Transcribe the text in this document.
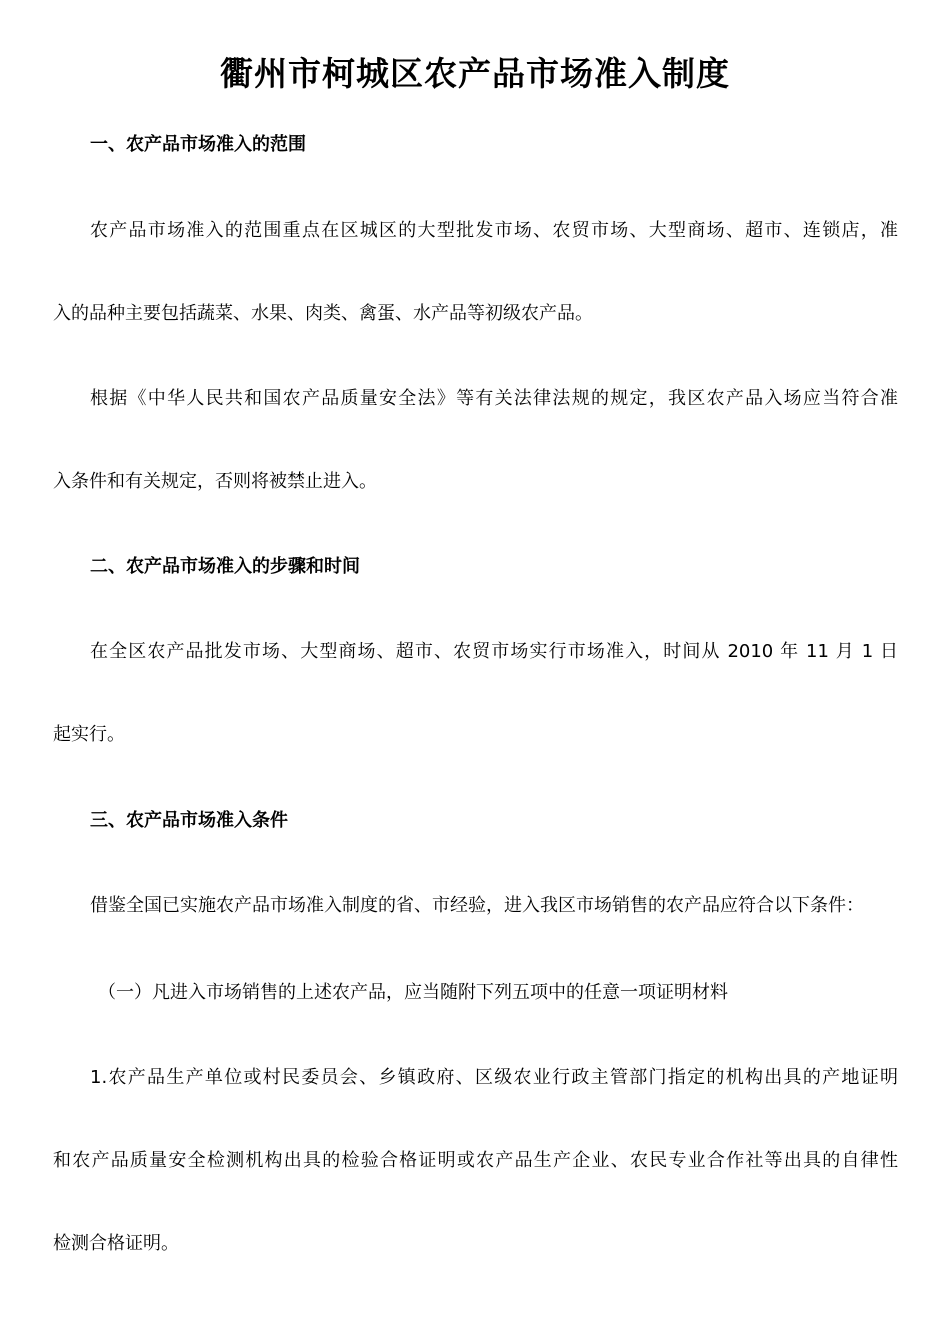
衢州市柯城区农产品市场准入制度
一、农产品市场准入的范围
农产品市场准入的范围重点在区城区的大型批发市场、农贸市场、大型商场、超市、连锁店，准
入的品种主要包括蔬菜、水果、肉类、禽蛋、水产品等初级农产品。
根据《中华人民共和国农产品质量安全法》等有关法律法规的规定，我区农产品入场应当符合准
入条件和有关规定，否则将被禁止进入。
二、农产品市场准入的步骤和时间
在全区农产品批发市场、大型商场、超市、农贸市场实行市场准入，时间从 2010 年 11 月 1 日
起实行。
三、农产品市场准入条件
借鉴全国已实施农产品市场准入制度的省、市经验，进入我区市场销售的农产品应符合以下条件：
（一）凡进入市场销售的上述农产品，应当随附下列五项中的任意一项证明材料
1.农产品生产单位或村民委员会、乡镇政府、区级农业行政主管部门指定的机构出具的产地证明
和农产品质量安全检测机构出具的检验合格证明或农产品生产企业、农民专业合作社等出具的自律性
检测合格证明。
